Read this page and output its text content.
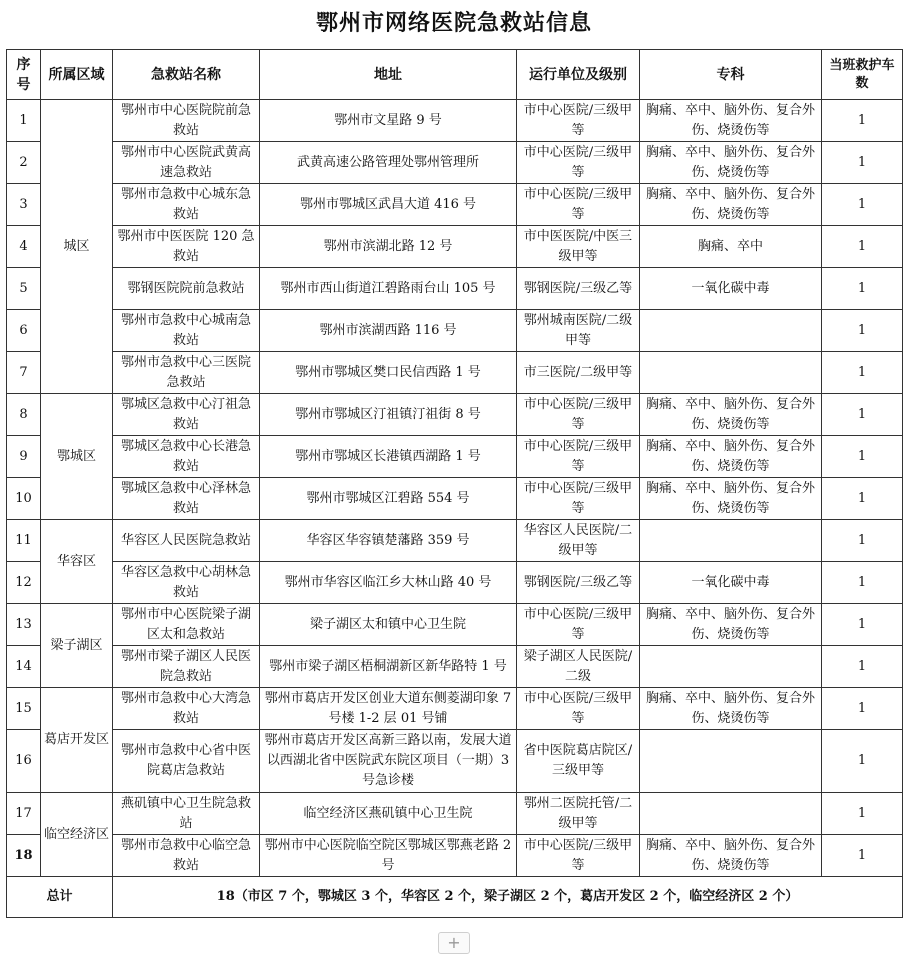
鄂州市网络医院急救站信息
序号	所属区域	急救站名称	地址	运行单位及级别	专科	当班救护车数
1	城区	鄂州市中心医院院前急救站	鄂州市文星路 9 号	市中心医院/三级甲等	胸痛、卒中、脑外伤、复合外伤、烧烫伤等	1
2		鄂州市中心医院武黄高速急救站	武黄高速公路管理处鄂州管理所	市中心医院/三级甲等	胸痛、卒中、脑外伤、复合外伤、烧烫伤等	1
3		鄂州市急救中心城东急救站	鄂州市鄂城区武昌大道 416 号	市中心医院/三级甲等	胸痛、卒中、脑外伤、复合外伤、烧烫伤等	1
4		鄂州市中医医院 120 急救站	鄂州市滨湖北路 12 号	市中医医院/中医三级甲等	胸痛、卒中	1
5		鄂钢医院院前急救站	鄂州市西山街道江碧路雨台山 105 号	鄂钢医院/三级乙等	一氧化碳中毒	1
6		鄂州市急救中心城南急救站	鄂州市滨湖西路 116 号	鄂州城南医院/二级甲等		1
7		鄂州市急救中心三医院急救站	鄂州市鄂城区樊口民信西路 1 号	市三医院/二级甲等		1
8	鄂城区	鄂城区急救中心汀祖急救站	鄂州市鄂城区汀祖镇汀祖街 8 号	市中心医院/三级甲等	胸痛、卒中、脑外伤、复合外伤、烧烫伤等	1
9		鄂城区急救中心长港急救站	鄂州市鄂城区长港镇西湖路 1 号	市中心医院/三级甲等	胸痛、卒中、脑外伤、复合外伤、烧烫伤等	1
10		鄂城区急救中心泽林急救站	鄂州市鄂城区江碧路 554 号	市中心医院/三级甲等	胸痛、卒中、脑外伤、复合外伤、烧烫伤等	1
11	华容区	华容区人民医院急救站	华容区华容镇楚藩路 359 号	华容区人民医院/二级甲等		1
12		华容区急救中心胡林急救站	鄂州市华容区临江乡大林山路 40 号	鄂钢医院/三级乙等	一氧化碳中毒	1
13	梁子湖区	鄂州市中心医院梁子湖区太和急救站	梁子湖区太和镇中心卫生院	市中心医院/三级甲等	胸痛、卒中、脑外伤、复合外伤、烧烫伤等	1
14		鄂州市梁子湖区人民医院急救站	鄂州市梁子湖区梧桐湖新区新华路特 1 号	梁子湖区人民医院/二级		1
15	葛店开发区	鄂州市急救中心大湾急救站	鄂州市葛店开发区创业大道东侧菱湖印象 7 号楼 1-2 层 01 号铺	市中心医院/三级甲等	胸痛、卒中、脑外伤、复合外伤、烧烫伤等	1
16		鄂州市急救中心省中医院葛店急救站	鄂州市葛店开发区高新三路以南，发展大道以西湖北省中医院武东院区项目（一期）3 号急诊楼	省中医院葛店院区/三级甲等		1
17	临空经济区	燕矶镇中心卫生院急救站	临空经济区燕矶镇中心卫生院	鄂州二医院托管/二级甲等		1
18		鄂州市急救中心临空急救站	鄂州市中心医院临空院区鄂城区鄂燕老路 2 号	市中心医院/三级甲等	胸痛、卒中、脑外伤、复合外伤、烧烫伤等	1
总计		18（市区 7 个，鄂城区 3 个，华容区 2 个，梁子湖区 2 个，葛店开发区 2 个，临空经济区 2 个）				
+
